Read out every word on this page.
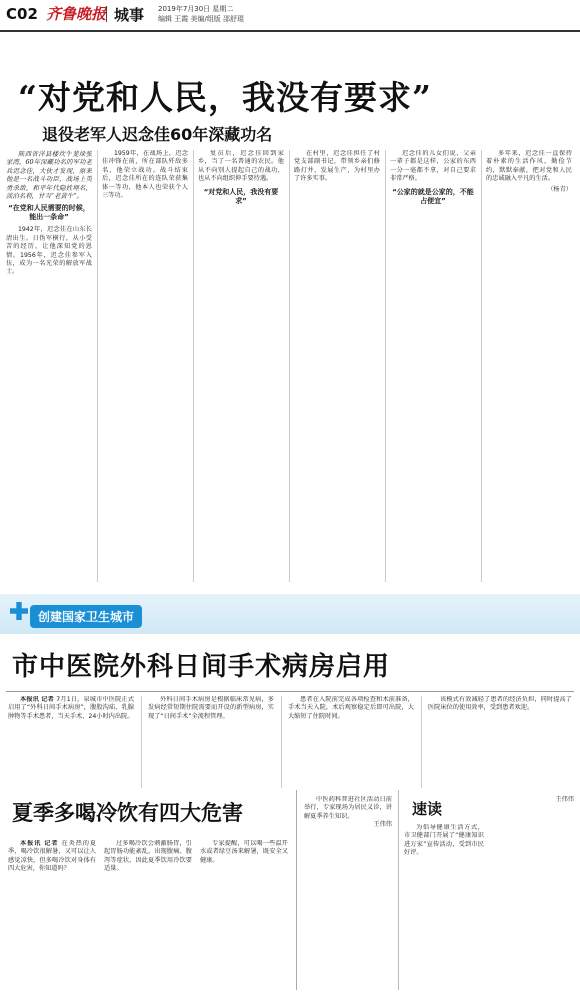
C02 齐鲁晚报 城事 2019年7月30日 星期二
编辑 王霞 美编/组版 邵舒琨
“对党和人民，我没有要求”
退役老军人迟念佳60年深藏功名

陕西省洋县楼坎牛斐垛张家湾，60年深藏功名的军功老兵迟念佳，大伙才发现，原来他是一名战斗功臣，战场上英勇杀敌，和平年代隐姓埋名，淡泊名利，甘当“老黄牛”。

“在党和人民需要的时候，能出一条命”

1942年，迟念佳在山东长清出生。日伪军横行，从小受苦的经历，让他深知党的恩情。1956年，迟念佳参军入伍，成为一名光荣的解放军战士。

1959年，在战场上，迟念佳冲锋在前，所在部队歼敌多名，他荣立战功。战斗结束后，迟念佳所在的连队荣获集体一等功，他本人也荣获个人三等功。

复员后，迟念佳回到家乡，当了一名普通的农民。他从不向别人提起自己的战功，也从不向组织伸手要待遇。

“对党和人民，我没有要求”

在村里，迟念佳担任了村党支部副书记，带领乡亲们修路打井，发展生产，为村里办了许多实事。

迟念佳的儿女们说，父亲一辈子都是这样，公家的东西一分一毫都不拿，对自己要求非常严格。

“公家的就是公家的，不能占便宜”

多年来，迟念佳一直保持着朴素的生活作风，勤俭节约，默默奉献，把对党和人民的忠诚融入平凡的生活。

（杨青）

创建国家卫生城市
市中医院外科日间手术病房启用

本报讯 记者 7月1日，泉城市中医院正式启用了“外科日间手术病房”，腹股沟疝、乳腺肿物等手术患者，当天手术，24小时内出院。

外科日间手术病房是根据临床常见病，多发病经常短期住院需要而开设的新型病房，实现了“日间手术”全流程管理。

患者在入院前完成各项检查和术前准备，手术当天入院，术后观察稳定后即可出院，大大缩短了住院时间。

该模式有效减轻了患者的经济负担，同时提高了医院床位的使用效率，受到患者欢迎。

夏季多喝冷饮有四大危害

本报讯 记者 在炎热的夏季，喝冷饮很解暑，又可以让人感觉凉快，但多喝冷饮对身体有四大危害，你知道吗？

过多喝冷饮会刺激肠胃，引起胃肠功能紊乱，出现腹痛、腹泻等症状，因此夏季饮用冷饮要适量。

专家提醒，可以喝一些温开水或者绿豆汤来解暑，既安全又健康。

速读

中医药科普进社区活动日前举行，专家现场为居民义诊，讲解夏季养生知识。

王伟伟	为倡导健康生活方式，市卫健部门开展了“健康知识进万家”宣传活动，受到市民好评。

王伟伟
